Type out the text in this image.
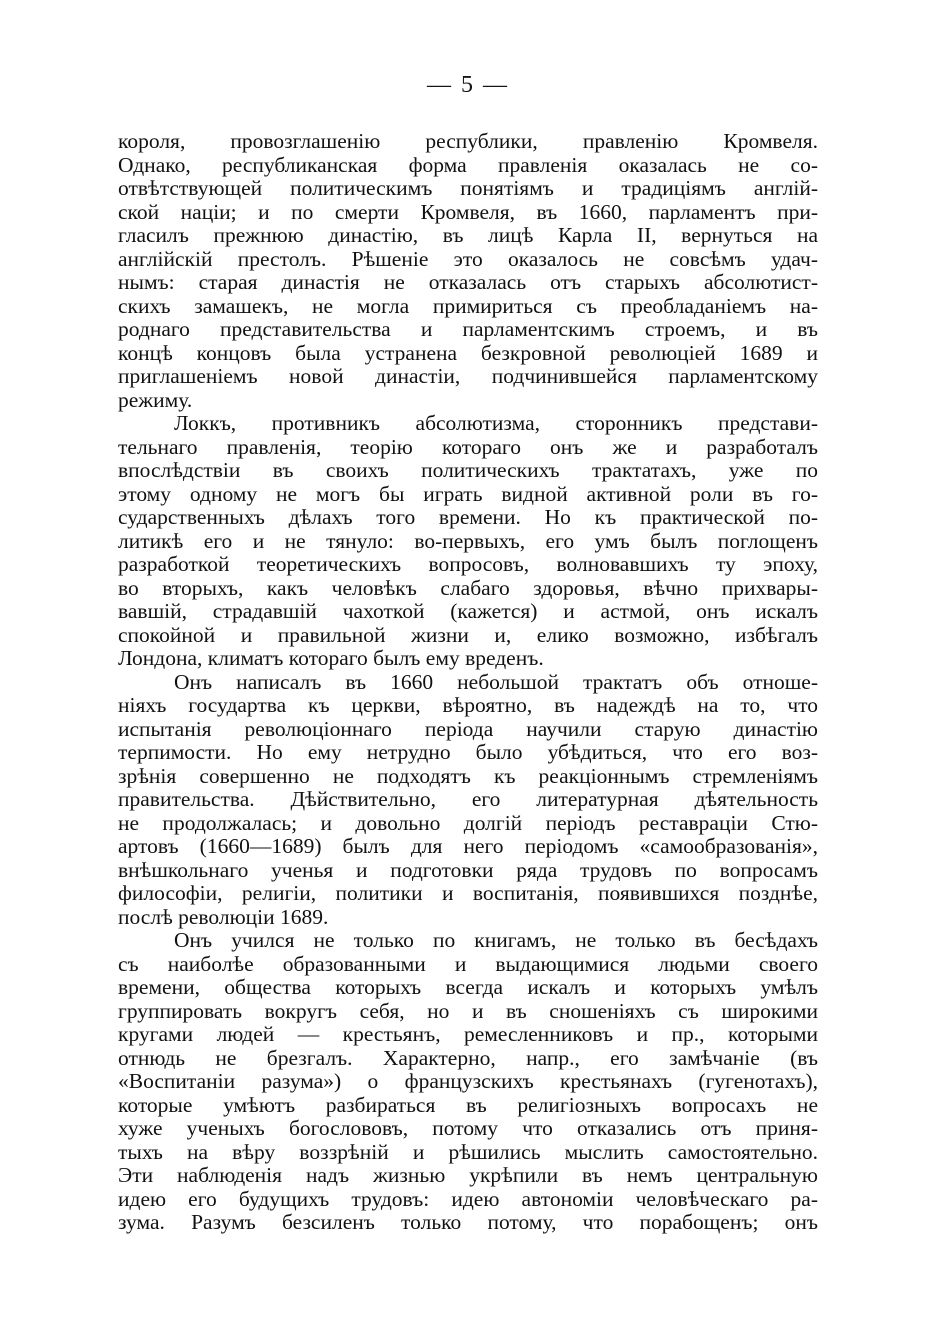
— 5 —
короля, провозглашенію республики, правленію Кромвеля.
Однако, республиканская форма правленія оказалась не со-
отвѣтствующей политическимъ понятіямъ и традиціямъ англій-
ской націи; и по смерти Кромвеля, въ 1660, парламентъ при-
гласилъ прежнюю династію, въ лицѣ Карла II, вернуться на
англійскій престолъ. Рѣшеніе это оказалось не совсѣмъ удач-
нымъ: старая династія не отказалась отъ старыхъ абсолютист-
скихъ замашекъ, не могла примириться съ преобладаніемъ на-
роднаго представительства и парламентскимъ строемъ, и въ
концѣ концовъ была устранена безкровной революціей 1689 и
приглашеніемъ новой династіи, подчинившейся парламентскому
режиму.
Локкъ, противникъ абсолютизма, сторонникъ представи-
тельнаго правленія, теорію котораго онъ же и разработалъ
впослѣдствіи въ своихъ политическихъ трактатахъ, уже по
этому одному не могъ бы играть видной активной роли въ го-
сударственныхъ дѣлахъ того времени. Но къ практической по-
литикѣ его и не тянуло: во-первыхъ, его умъ былъ поглощенъ
разработкой теоретическихъ вопросовъ, волновавшихъ ту эпоху,
во вторыхъ, какъ человѣкъ слабаго здоровья, вѣчно прихвары-
вавшій, страдавшій чахоткой (кажется) и астмой, онъ искалъ
спокойной и правильной жизни и, елико возможно, избѣгалъ
Лондона, климатъ котораго былъ ему вреденъ.
Онъ написалъ въ 1660 небольшой трактатъ объ отноше-
ніяхъ государтва къ церкви, вѣроятно, въ надеждѣ на то, что
испытанія революціоннаго періода научили старую династію
терпимости. Но ему нетрудно было убѣдиться, что его воз-
зрѣнія совершенно не подходятъ къ реакціоннымъ стремленіямъ
правительства. Дѣйствительно, его литературная дѣятельность
не продолжалась; и довольно долгій періодъ реставраціи Стю-
артовъ (1660—1689) былъ для него періодомъ «самообразованія»,
внѣшкольнаго ученья и подготовки ряда трудовъ по вопросамъ
философіи, религіи, политики и воспитанія, появившихся позднѣе,
послѣ революціи 1689.
Онъ учился не только по книгамъ, не только въ бесѣдахъ
съ наиболѣе образованными и выдающимися людьми своего
времени, общества которыхъ всегда искалъ и которыхъ умѣлъ
группировать вокругъ себя, но и въ сношеніяхъ съ широкими
кругами людей — крестьянъ, ремесленниковъ и пр., которыми
отнюдь не брезгалъ. Характерно, напр., его замѣчаніе (въ
«Воспитаніи разума») о французскихъ крестьянахъ (гугенотахъ),
которые умѣютъ разбираться въ религіозныхъ вопросахъ не
хуже ученыхъ богослововъ, потому что отказались отъ приня-
тыхъ на вѣру воззрѣній и рѣшились мыслить самостоятельно.
Эти наблюденія надъ жизнью укрѣпили въ немъ центральную
идею его будущихъ трудовъ: идею автономіи человѣческаго ра-
зума. Разумъ безсиленъ только потому, что порабощенъ; онъ
